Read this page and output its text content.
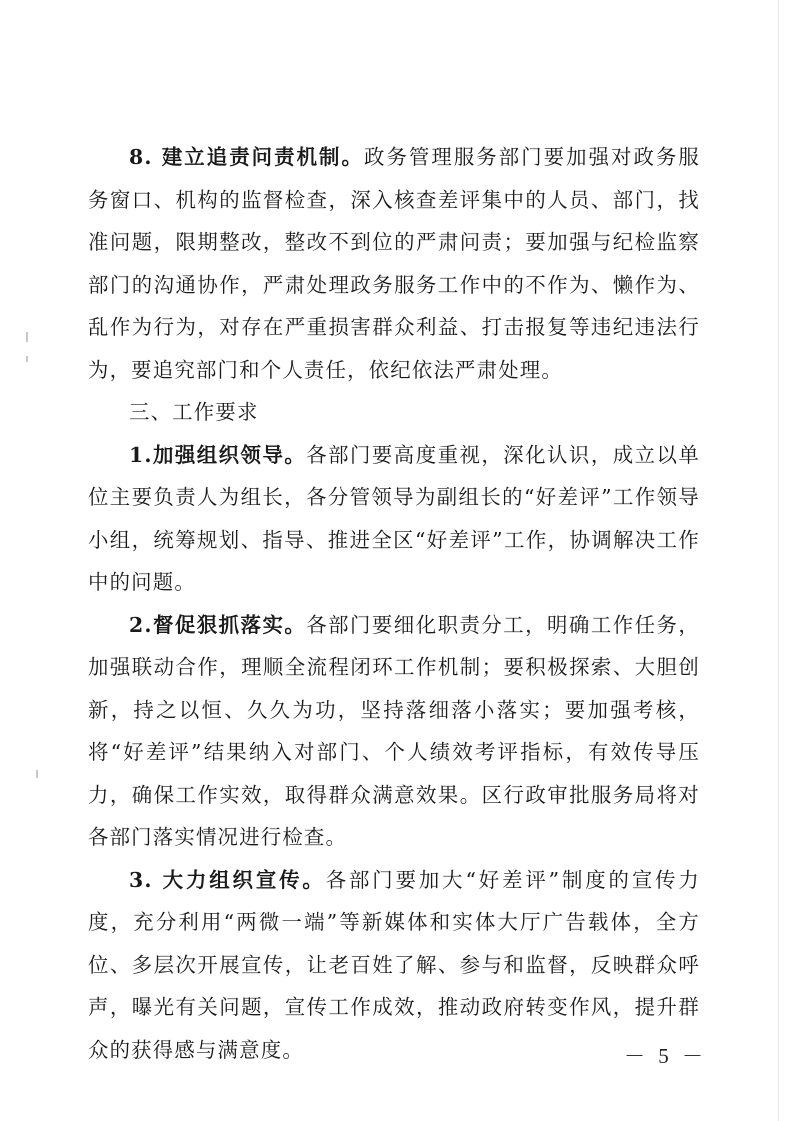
8. 建立追责问责机制。政务管理服务部门要加强对政务服务窗口、机构的监督检查，深入核查差评集中的人员、部门，找准问题，限期整改，整改不到位的严肃问责；要加强与纪检监察部门的沟通协作，严肃处理政务服务工作中的不作为、懒作为、乱作为行为，对存在严重损害群众利益、打击报复等违纪违法行为，要追究部门和个人责任，依纪依法严肃处理。

三、工作要求

1.加强组织领导。各部门要高度重视，深化认识，成立以单位主要负责人为组长，各分管领导为副组长的“好差评”工作领导小组，统筹规划、指导、推进全区“好差评”工作，协调解决工作中的问题。

2.督促狠抓落实。各部门要细化职责分工，明确工作任务，加强联动合作，理顺全流程闭环工作机制；要积极探索、大胆创新，持之以恒、久久为功，坚持落细落小落实；要加强考核，将“好差评”结果纳入对部门、个人绩效考评指标，有效传导压力，确保工作实效，取得群众满意效果。区行政审批服务局将对各部门落实情况进行检查。

3. 大力组织宣传。各部门要加大“好差评”制度的宣传力度，充分利用“两微一端”等新媒体和实体大厅广告载体，全方位、多层次开展宣传，让老百姓了解、参与和监督，反映群众呼声，曝光有关问题，宣传工作成效，推动政府转变作风，提升群众的获得感与满意度。	－ 5 －
